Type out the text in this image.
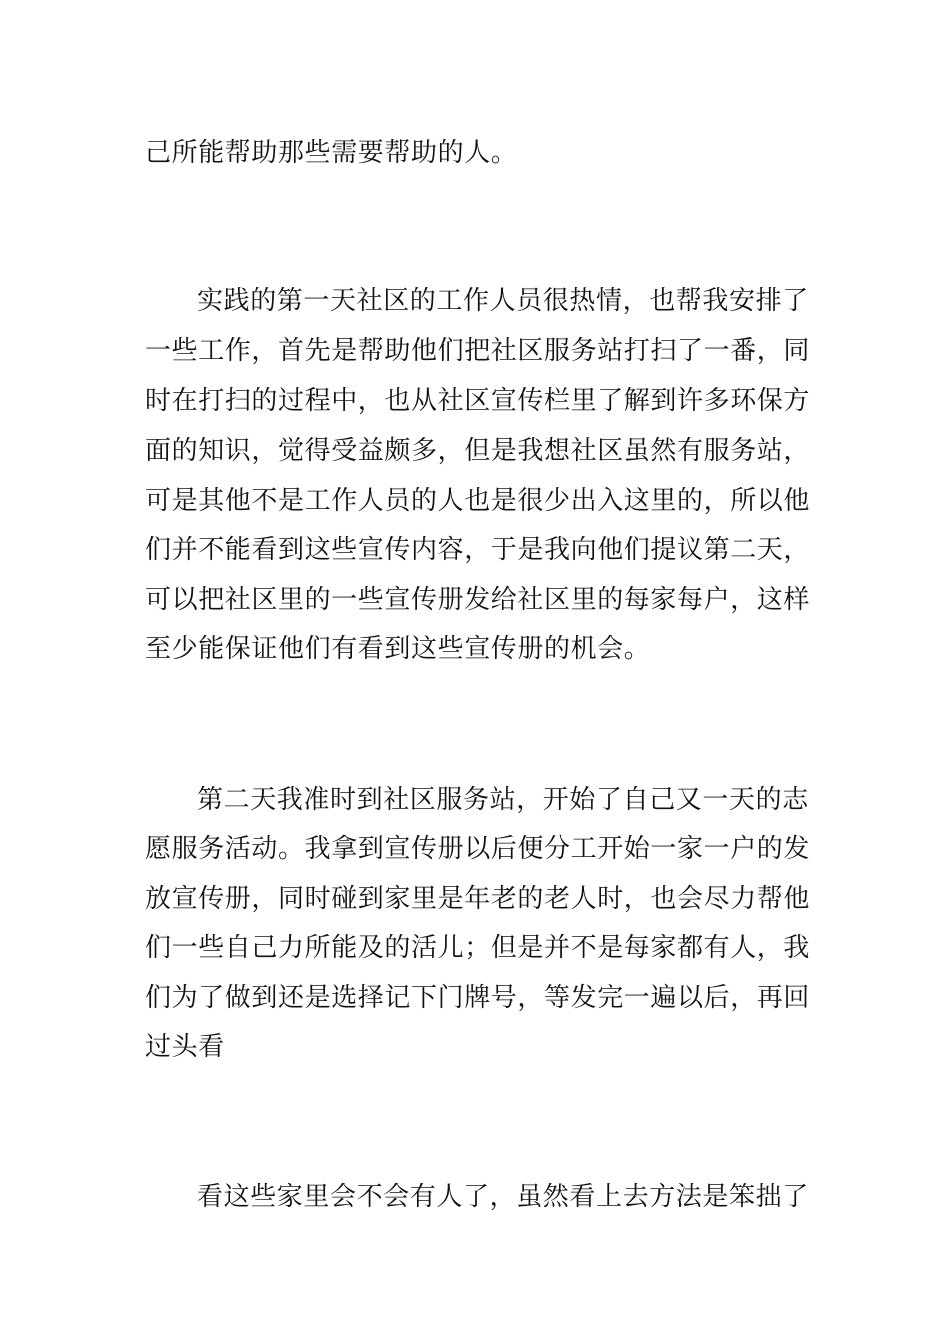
己所能帮助那些需要帮助的人。

实践的第一天社区的工作人员很热情，也帮我安排了

一些工作，首先是帮助他们把社区服务站打扫了一番，同

时在打扫的过程中，也从社区宣传栏里了解到许多环保方

面的知识，觉得受益颇多，但是我想社区虽然有服务站，

可是其他不是工作人员的人也是很少出入这里的，所以他

们并不能看到这些宣传内容，于是我向他们提议第二天，

可以把社区里的一些宣传册发给社区里的每家每户，这样

至少能保证他们有看到这些宣传册的机会。

第二天我准时到社区服务站，开始了自己又一天的志

愿服务活动。我拿到宣传册以后便分工开始一家一户的发

放宣传册，同时碰到家里是年老的老人时，也会尽力帮他

们一些自己力所能及的活儿；但是并不是每家都有人，我

们为了做到还是选择记下门牌号，等发完一遍以后，再回

过头看

看这些家里会不会有人了，虽然看上去方法是笨拙了
